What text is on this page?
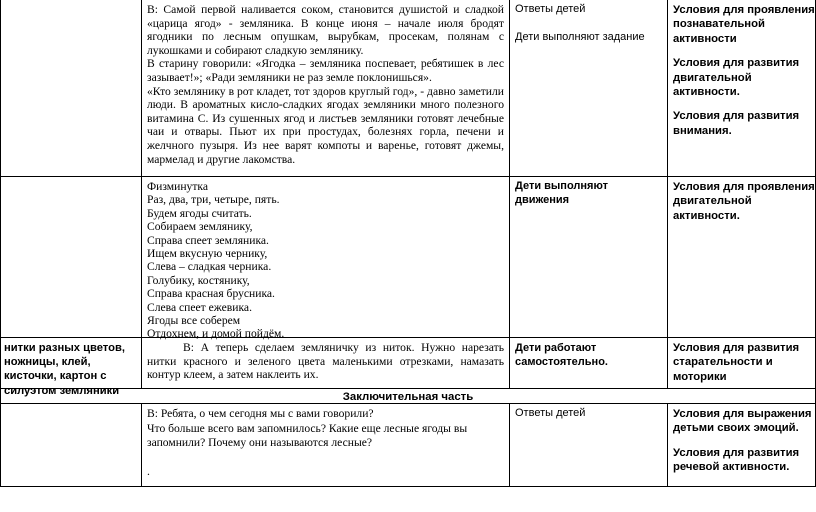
В: Самой первой наливается соком, становится душистой и сладкой «царица ягод» - земляника. В конце июня – начале июля бродят ягодники по лесным опушкам, вырубкам, просекам, полянам с лукошками и собирают сладкую землянику.

В старину говорили: «Ягодка – земляника поспевает, ребятишек в лес зазывает!»; «Ради земляники не раз земле поклонишься».

«Кто землянику в рот кладет, тот здоров круглый год», - давно заметили люди. В ароматных кисло-сладких ягодах земляники много полезного витамина С. Из сушенных ягод и листьев земляники готовят лечебные чаи и отвары. Пьют их при простудах, болезнях горла, печени и желчного пузыря. Из нее варят компоты и варенье, готовят джемы, мармелад и другие лакомства.

Ответы детей
Дети выполняют задание
Условия для проявления познавательной активности
Условия для развития двигательной активности.
Условия для развития внимания.
Физминутка
Раз, два, три, четыре, пять.
Будем ягоды считать.
Собираем землянику,
Справа спеет земляника.
Ищем вкусную чернику,
Слева – сладкая черника.
Голубику, костянику,
Справа красная брусника.
Слева спеет ежевика.
Ягоды все соберем
Отдохнем, и домой пойдём.
Дети выполняют движения
Условия для проявления двигательной активности.
нитки разных цветов,
ножницы, клей,
кисточки, картон с
силуэтом земляники

В: А теперь сделаем земляничку из ниток. Нужно нарезать нитки красного и зеленого цвета маленькими отрезками, намазать контур клеем, а затем наклеить их.

Дети работают
самостоятельно.
Условия для развития
старательности и моторики
Заключительная часть
В: Ребята, о чем сегодня мы с вами говорили?
Что больше всего вам запомнилось? Какие еще лесные ягоды вы
запомнили? Почему они называются лесные?
.
Ответы детей	Условия для выражения детьми своих эмоций.
Условия для развития речевой активности.
